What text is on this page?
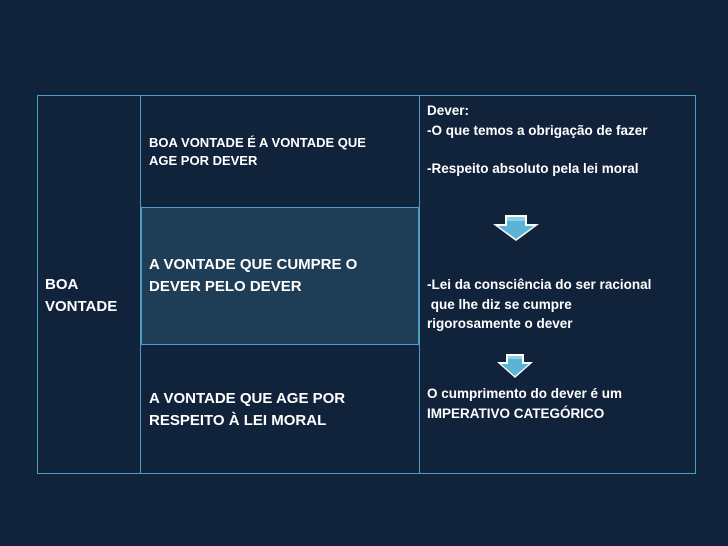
BOA
VONTADE
BOA VONTADE É A VONTADE QUE
AGE POR DEVER
A VONTADE QUE CUMPRE O
DEVER PELO DEVER
A VONTADE QUE AGE POR
RESPEITO À LEI MORAL
Dever:
-O que temos a obrigação de fazer
-Respeito absoluto pela lei moral
-Lei da consciência do ser racional
que lhe diz se cumpre
rigorosamente o dever
O cumprimento do dever é um
IMPERATIVO CATEGÓRICO
